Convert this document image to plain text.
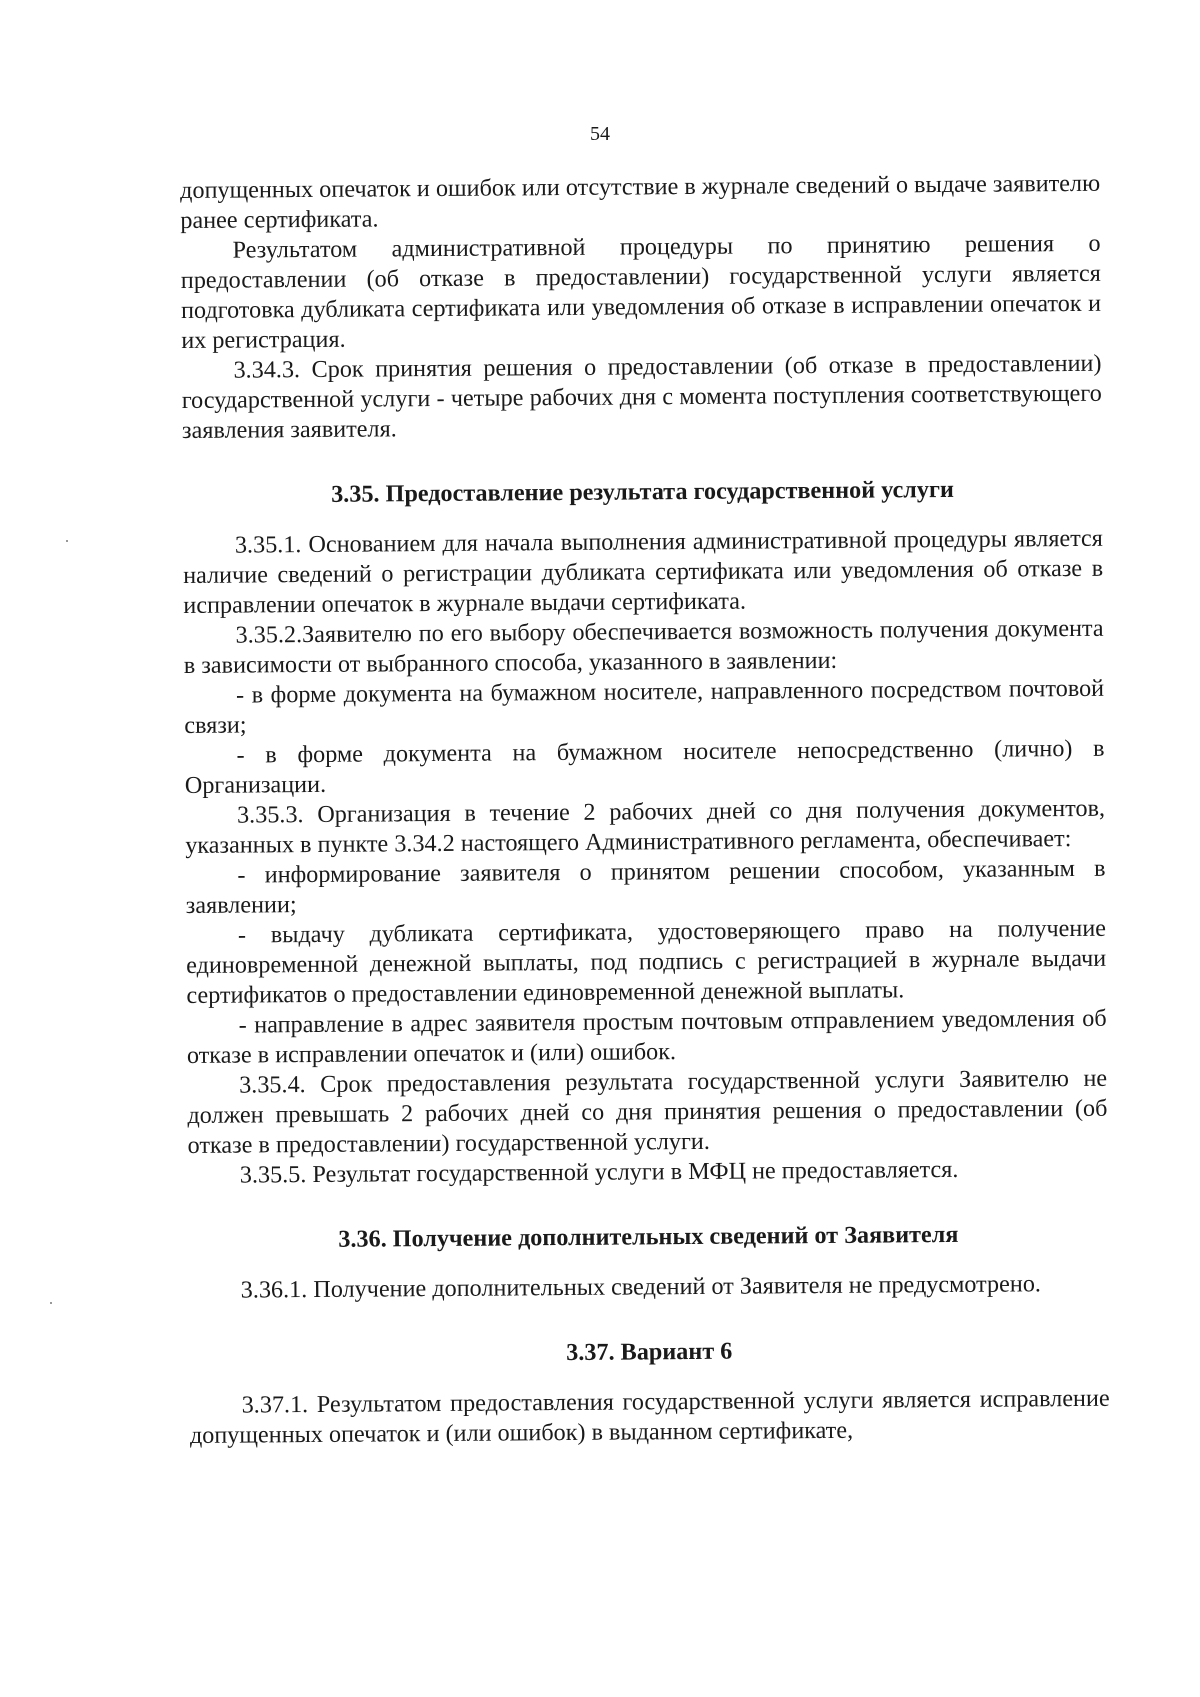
54

допущенных опечаток и ошибок или отсутствие в журнале сведений о выдаче заявителю ранее сертификата.

Результатом административной процедуры по принятию решения о предоставлении (об отказе в предоставлении) государственной услуги является подготовка дубликата сертификата или уведомления об отказе в исправлении опечаток и их регистрация.

3.34.3. Срок принятия решения о предоставлении (об отказе в предоставлении) государственной услуги - четыре рабочих дня с момента поступления соответствующего заявления заявителя.

3.35. Предоставление результата государственной услуги

3.35.1. Основанием для начала выполнения административной процедуры является наличие сведений о регистрации дубликата сертификата или уведомления об отказе в исправлении опечаток в журнале выдачи сертификата.

3.35.2.Заявителю по его выбору обеспечивается возможность получения документа в зависимости от выбранного способа, указанного в заявлении:

- в форме документа на бумажном носителе, направленного посредством почтовой связи;

- в форме документа на бумажном носителе непосредственно (лично) в Организации.

3.35.3. Организация в течение 2 рабочих дней со дня получения документов, указанных в пункте 3.34.2 настоящего Административного регламента, обеспечивает:

- информирование заявителя о принятом решении способом, указанным в заявлении;

- выдачу дубликата сертификата, удостоверяющего право на получение единовременной денежной выплаты, под подпись с регистрацией в журнале выдачи сертификатов о предоставлении единовременной денежной выплаты.

- направление в адрес заявителя простым почтовым отправлением уведомления об отказе в исправлении опечаток и (или) ошибок.

3.35.4. Срок предоставления результата государственной услуги Заявителю не должен превышать 2 рабочих дней со дня принятия решения о предоставлении (об отказе в предоставлении) государственной услуги.

3.35.5. Результат государственной услуги в МФЦ не предоставляется.

3.36. Получение дополнительных сведений от Заявителя

3.36.1. Получение дополнительных сведений от Заявителя не предусмотрено.

3.37. Вариант 6

3.37.1. Результатом предоставления государственной услуги является исправление допущенных опечаток и (или ошибок) в выданном сертификате,
